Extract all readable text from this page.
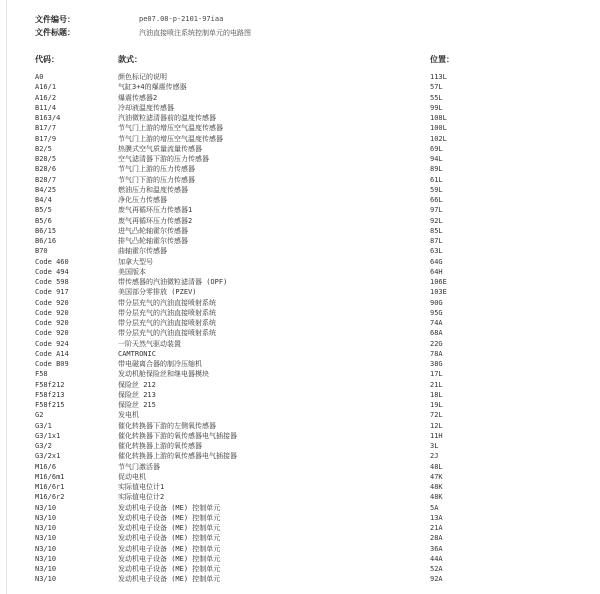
文件编号：	pe07.08-p-2101-97iaa
文件标题：	汽油直接喷注系统控制单元的电路图
代码：	款式：	位置：
A0	颜色标记的说明	113L
A16/1	气缸3+4的爆震传感器	57L
A16/2	爆震传感器2	55L
B11/4	冷却液温度传感器	99L
B163/4	汽油微粒滤清器前的温度传感器	108L
B17/7	节气门上游的增压空气温度传感器	100L
B17/9	节气门上游的增压空气温度传感器	102L
B2/5	热膜式空气质量流量传感器	69L
B28/5	空气滤清器下游的压力传感器	94L
B28/6	节气门上游的压力传感器	89L
B28/7	节气门下游的压力传感器	61L
B4/25	燃油压力和温度传感器	59L
B4/4	净化压力传感器	66L
B5/5	废气再循环压力传感器1	97L
B5/6	废气再循环压力传感器2	92L
B6/15	进气凸轮轴霍尔传感器	85L
B6/16	排气凸轮轴霍尔传感器	87L
B70	曲轴霍尔传感器	63L
Code 460	加拿大型号	64G
Code 494	美国版本	64H
Code 598	带传感器的汽油微粒滤清器 (OPF)	106E
Code 917	美国部分零排放 (PZEV)	103E
Code 920	带分层充气的汽油直接喷射系统	90G
Code 920	带分层充气的汽油直接喷射系统	95G
Code 920	带分层充气的汽油直接喷射系统	74A
Code 920	带分层充气的汽油直接喷射系统	68A
Code 924	一阶天然气驱动装置	22G
Code A14	CAMTRONIC	78A
Code B09	带电磁离合器的制冷压缩机	38G
F58	发动机舱保险丝和继电器模块	17L
F58f212	保险丝 212	21L
F58f213	保险丝 213	18L
F58f215	保险丝 215	19L
G2	发电机	72L
G3/1	催化转换器下游的左侧氧传感器	12L
G3/1x1	催化转换器下游的氧传感器电气插接器	11H
G3/2	催化转换器上游的氧传感器	3L
G3/2x1	催化转换器上游的氧传感器电气插接器	2J
M16/6	节气门激活器	48L
M16/6m1	促动电机	47K
M16/6r1	实际值电位计1	48K
M16/6r2	实际值电位计2	48K
N3/10	发动机电子设备 (ME) 控制单元	5A
N3/10	发动机电子设备 (ME) 控制单元	13A
N3/10	发动机电子设备 (ME) 控制单元	21A
N3/10	发动机电子设备 (ME) 控制单元	28A
N3/10	发动机电子设备 (ME) 控制单元	36A
N3/10	发动机电子设备 (ME) 控制单元	44A
N3/10	发动机电子设备 (ME) 控制单元	52A
N3/10	发动机电子设备 (ME) 控制单元	92A
